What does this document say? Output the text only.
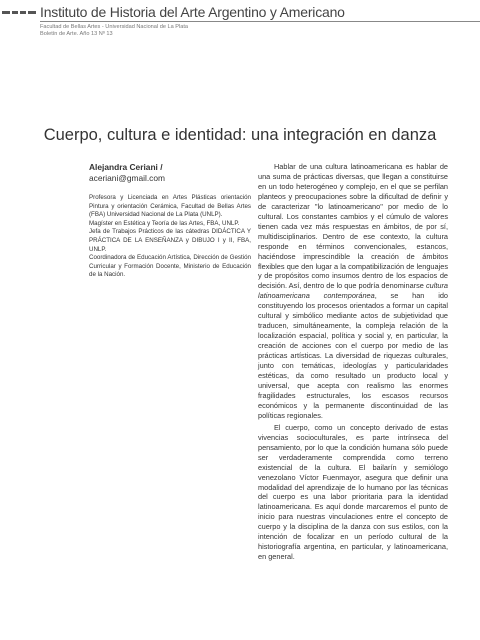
Instituto de Historia del Arte Argentino y Americano
Facultad de Bellas Artes - Universidad Nacional de La Plata
Boletín de Arte. Año 13 Nº 13
Cuerpo, cultura e identidad: una integración en danza
Alejandra Ceriani /
aceriani@gmail.com

Profesora y Licenciada en Artes Plásticas orientación Pintura y orientación Cerámica, Facultad de Bellas Artes (FBA) Universidad Nacional de La Plata (UNLP).

Magíster en Estética y Teoría de las Artes, FBA, UNLP.

Jefa de Trabajos Prácticos de las cátedras DIDÁCTICA Y PRÁCTICA DE LA ENSEÑANZA y DIBUJO I y II, FBA, UNLP.

Coordinadora de Educación Artística, Dirección de Gestión Curricular y Formación Docente, Ministerio de Educación de la Nación.

Hablar de una cultura latinoamericana es hablar de una suma de prácticas diversas, que llegan a constituirse en un todo heterogéneo y complejo, en el que se perfilan planteos y preocupaciones sobre la dificultad de definir y de caracterizar "lo latinoamericano" por medio de lo cultural. Los constantes cambios y el cúmulo de valores tienen cada vez más respuestas en ámbitos, de por sí, multidisciplinarios. Dentro de ese contexto, la cultura responde en términos convencionales, estancos, haciéndose imprescindible la creación de ámbitos flexibles que den lugar a la compatibilización de lenguajes y de propósitos como insumos dentro de los espacios de decisión. Así, dentro de lo que podría denominarse cultura latinoamericana contemporánea, se han ido constituyendo los procesos orientados a formar un capital cultural y simbólico mediante actos de subjetividad que traducen, simultáneamente, la compleja relación de la localización espacial, política y social y, en particular, la creación de acciones con el cuerpo por medio de las prácticas artísticas. La diversidad de riquezas culturales, junto con temáticas, ideologías y particularidades estéticas, da como resultado un producto local y universal, que acepta con realismo las enormes fragilidades estructurales, los escasos recursos económicos y la permanente discontinuidad de las políticas regionales.

El cuerpo, como un concepto derivado de estas vivencias socioculturales, es parte intrínseca del pensamiento, por lo que la condición humana sólo puede ser verdaderamente comprendida como terreno existencial de la cultura. El bailarín y semiólogo venezolano Víctor Fuenmayor, asegura que definir una modalidad del aprendizaje de lo humano por las técnicas del cuerpo es una labor prioritaria para la identidad latinoamericana. Es aquí donde marcaremos el punto de inicio para nuestras vinculaciones entre el concepto de cuerpo y la disciplina de la danza con sus estilos, con la intención de focalizar en un período cultural de la historiografía argentina, en particular, y latinoamericana, en general.
